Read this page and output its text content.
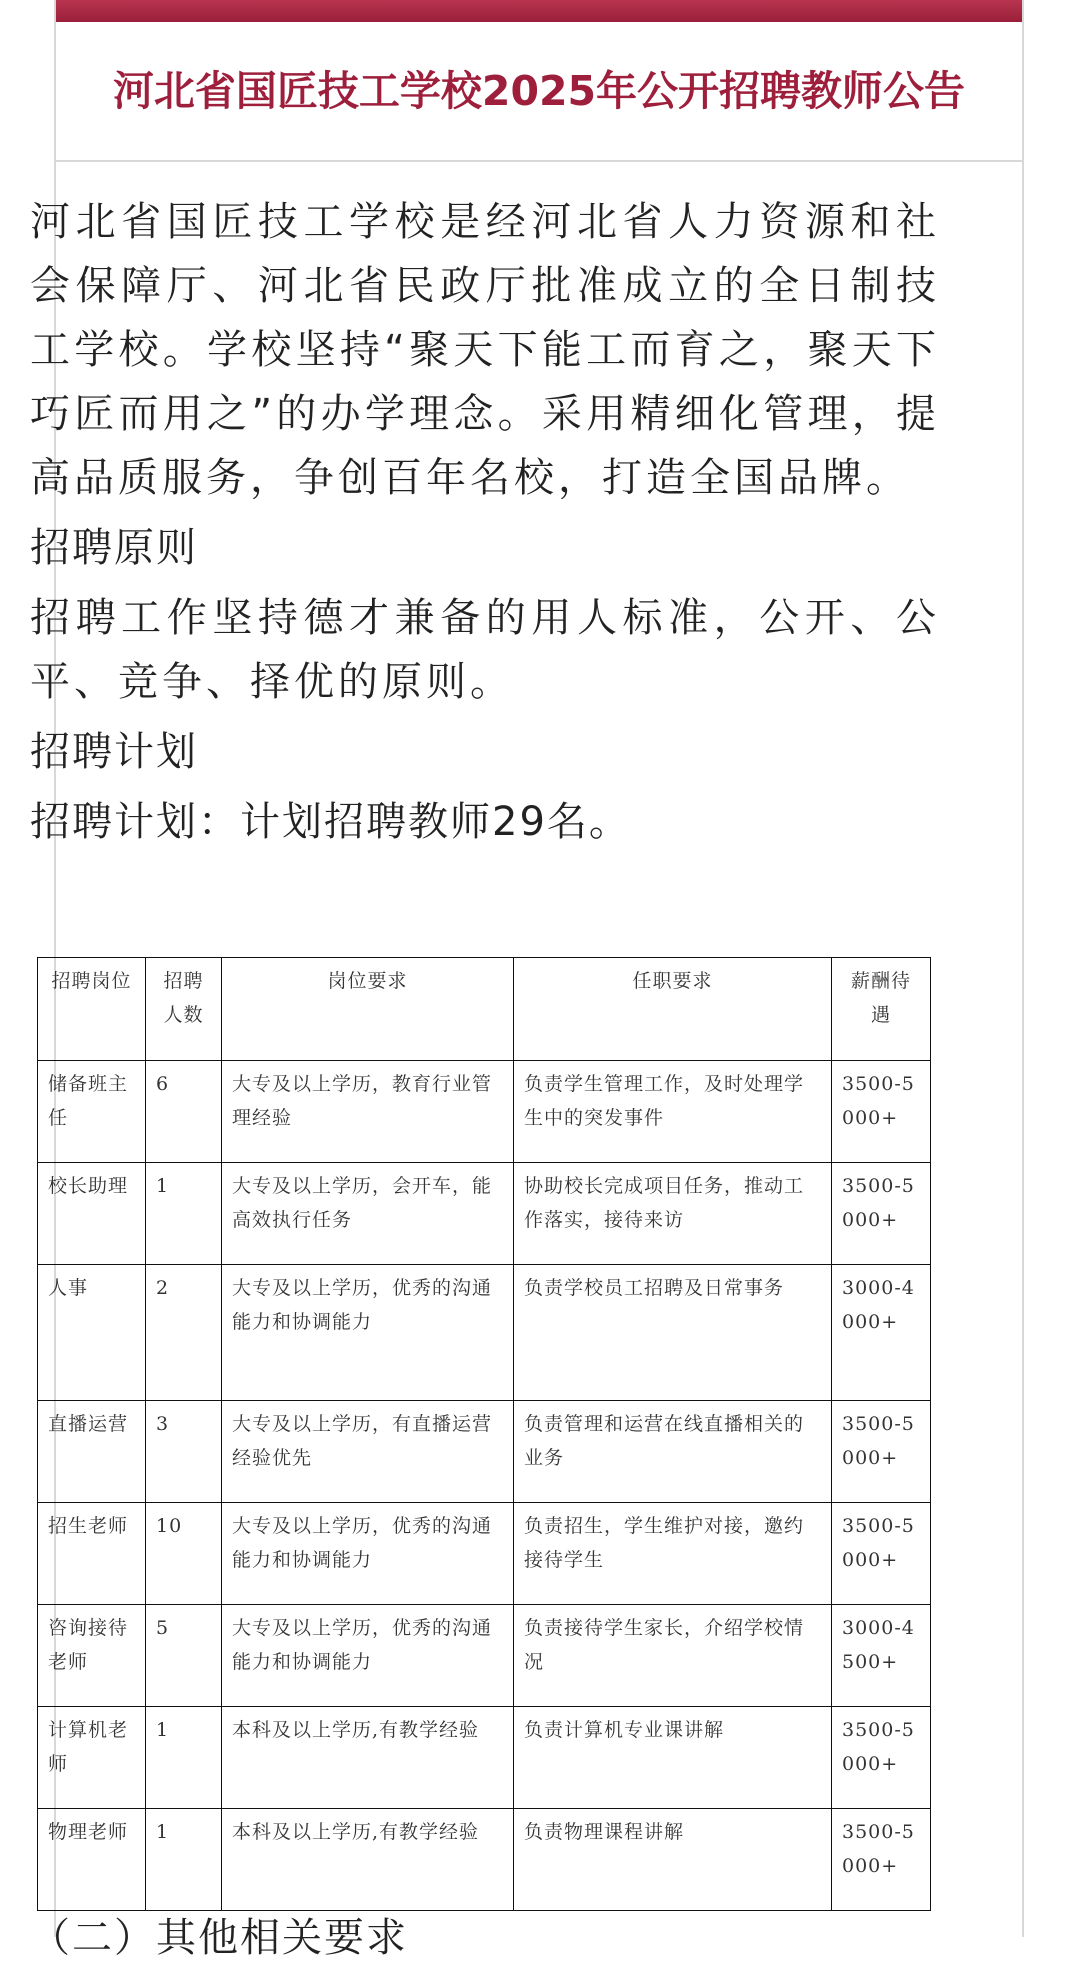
河北省国匠技工学校2025年公开招聘教师公告

河北省国匠技工学校是经河北省人力资源和社会保障厅、河北省民政厅批准成立的全日制技工学校。学校坚持“聚天下能工而育之，聚天下巧匠而用之”的办学理念。采用精细化管理，提高品质服务，争创百年名校，打造全国品牌。

招聘原则

招聘工作坚持德才兼备的用人标准，公开、公平、竞争、择优的原则。

招聘计划

招聘计划：计划招聘教师29名。

招聘岗位	招聘人数	岗位要求	任职要求	薪酬待遇
储备班主任	6	大专及以上学历，教育行业管理经验	负责学生管理工作，及时处理学生中的突发事件	3500-5000+
校长助理	1	大专及以上学历，会开车，能高效执行任务	协助校长完成项目任务，推动工作落实，接待来访	3500-5000+
人事	2	大专及以上学历，优秀的沟通能力和协调能力	负责学校员工招聘及日常事务	3000-4000+
直播运营	3	大专及以上学历，有直播运营经验优先	负责管理和运营在线直播相关的业务	3500-5000+
招生老师	10	大专及以上学历，优秀的沟通能力和协调能力	负责招生，学生维护对接，邀约接待学生	3500-5000+
咨询接待老师	5	大专及以上学历，优秀的沟通能力和协调能力	负责接待学生家长，介绍学校情况	3000-4500+
计算机老师	1	本科及以上学历,有教学经验	负责计算机专业课讲解	3500-5000+
物理老师	1	本科及以上学历,有教学经验	负责物理课程讲解	3500-5000+
（二）其他相关要求
